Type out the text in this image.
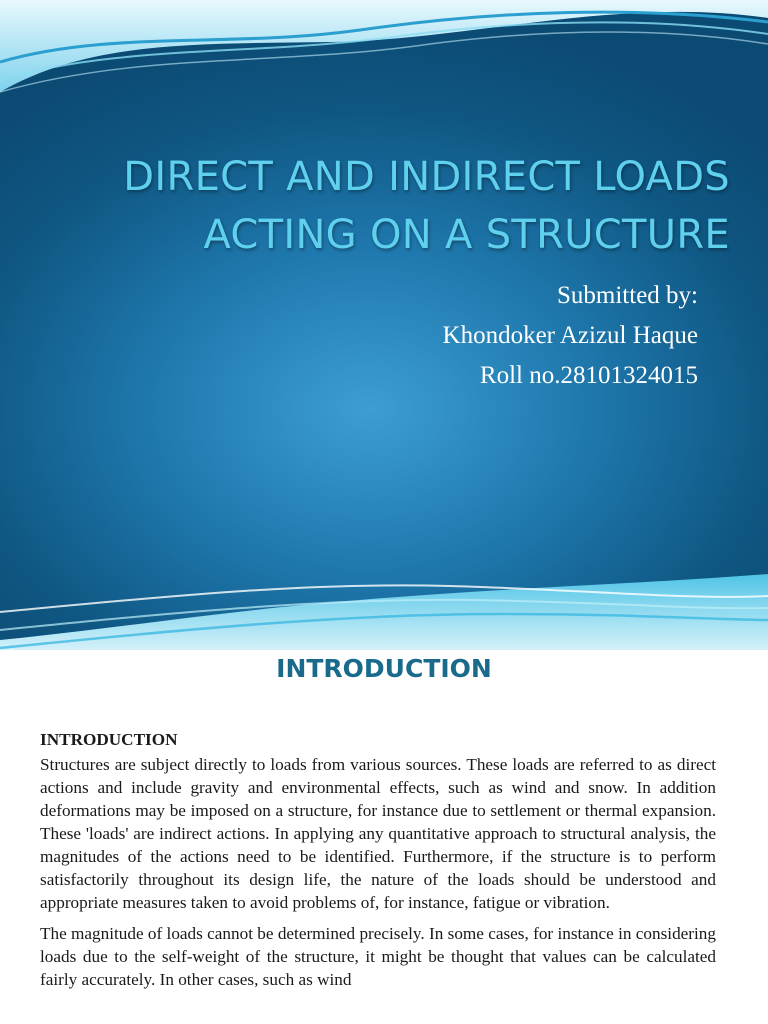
DIRECT AND INDIRECT LOADS
ACTING ON A STRUCTURE
Submitted by:
Khondoker Azizul Haque
Roll no.28101324015
INTRODUCTION

INTRODUCTION

Structures are subject directly to loads from various sources. These loads are referred to as direct actions and include gravity and environmental effects, such as wind and snow. In addition deformations may be imposed on a structure, for instance due to settlement or thermal expansion. These 'loads' are indirect actions. In applying any quantitative approach to structural analysis, the magnitudes of the actions need to be identified. Furthermore, if the structure is to perform satisfactorily throughout its design life, the nature of the loads should be understood and appropriate measures taken to avoid problems of, for instance, fatigue or vibration.

The magnitude of loads cannot be determined precisely. In some cases, for instance in considering loads due to the self-weight of the structure, it might be thought that values can be calculated fairly accurately. In other cases, such as wind
